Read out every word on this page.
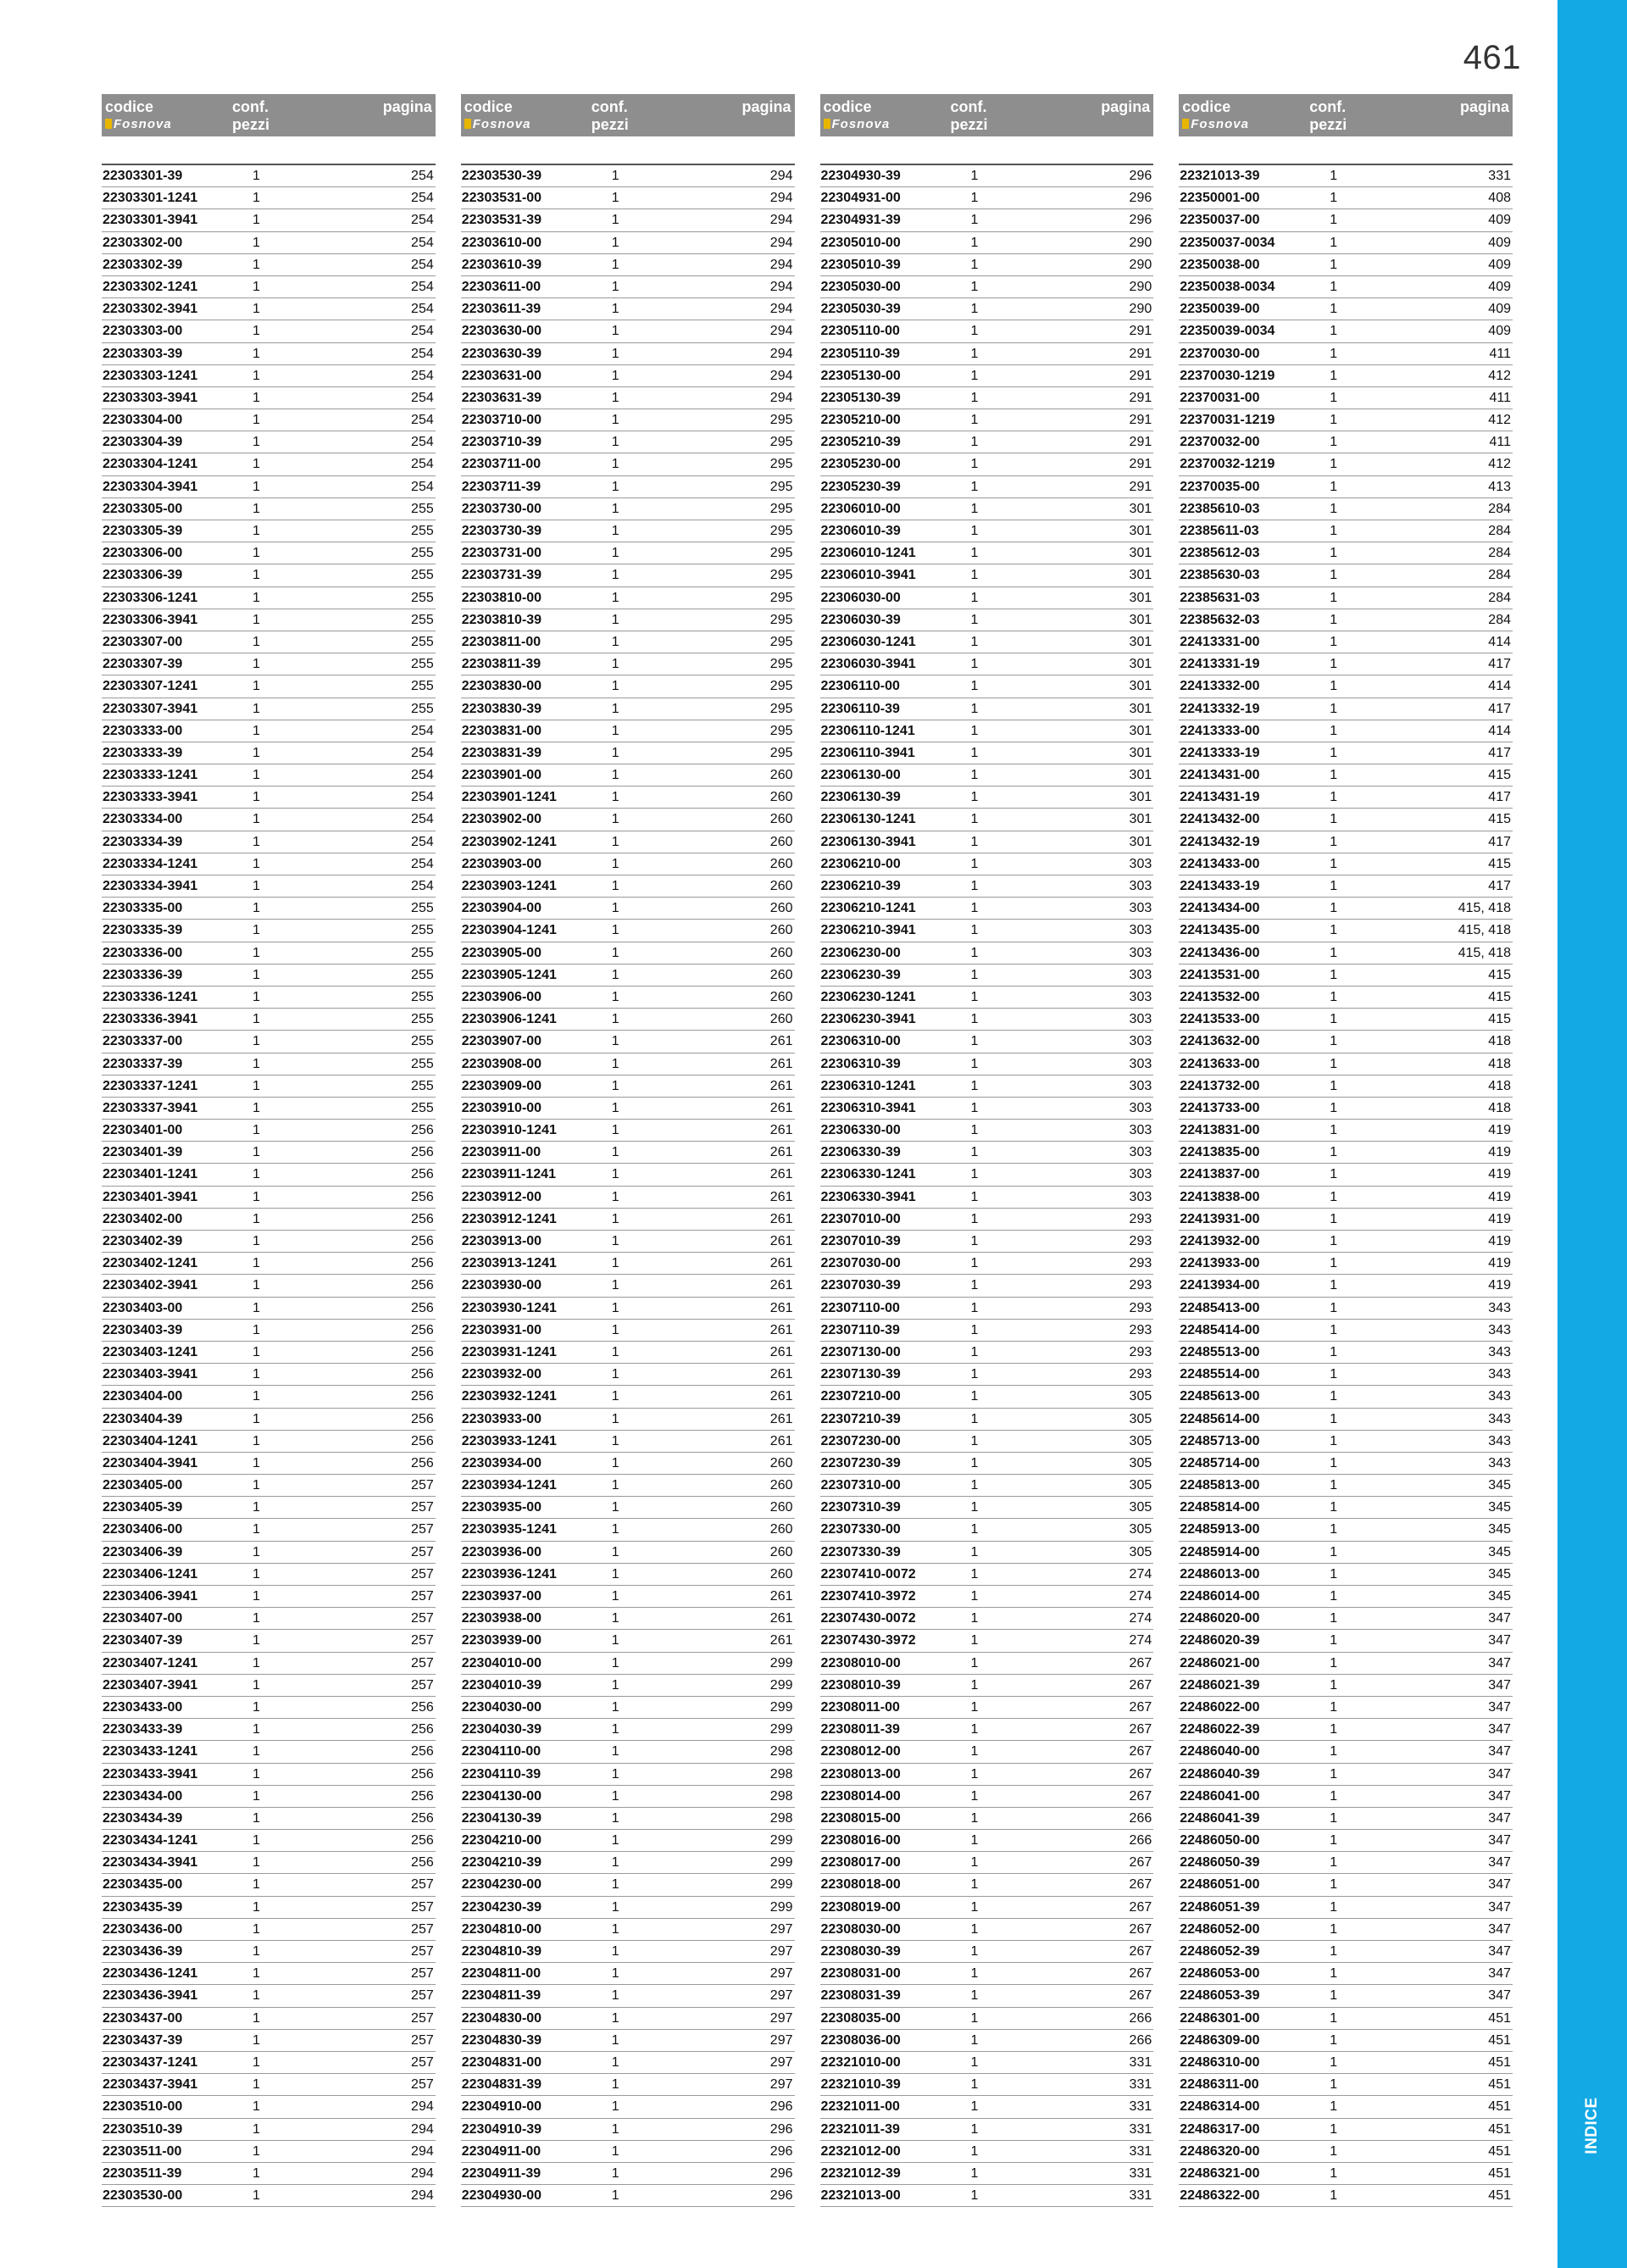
461
INDICE
codice	conf.
pezzi
pagina
Fosnova
22303301-39	1	254
22303301-1241	1	254
22303301-3941	1	254
22303302-00	1	254
22303302-39	1	254
22303302-1241	1	254
22303302-3941	1	254
22303303-00	1	254
22303303-39	1	254
22303303-1241	1	254
22303303-3941	1	254
22303304-00	1	254
22303304-39	1	254
22303304-1241	1	254
22303304-3941	1	254
22303305-00	1	255
22303305-39	1	255
22303306-00	1	255
22303306-39	1	255
22303306-1241	1	255
22303306-3941	1	255
22303307-00	1	255
22303307-39	1	255
22303307-1241	1	255
22303307-3941	1	255
22303333-00	1	254
22303333-39	1	254
22303333-1241	1	254
22303333-3941	1	254
22303334-00	1	254
22303334-39	1	254
22303334-1241	1	254
22303334-3941	1	254
22303335-00	1	255
22303335-39	1	255
22303336-00	1	255
22303336-39	1	255
22303336-1241	1	255
22303336-3941	1	255
22303337-00	1	255
22303337-39	1	255
22303337-1241	1	255
22303337-3941	1	255
22303401-00	1	256
22303401-39	1	256
22303401-1241	1	256
22303401-3941	1	256
22303402-00	1	256
22303402-39	1	256
22303402-1241	1	256
22303402-3941	1	256
22303403-00	1	256
22303403-39	1	256
22303403-1241	1	256
22303403-3941	1	256
22303404-00	1	256
22303404-39	1	256
22303404-1241	1	256
22303404-3941	1	256
22303405-00	1	257
22303405-39	1	257
22303406-00	1	257
22303406-39	1	257
22303406-1241	1	257
22303406-3941	1	257
22303407-00	1	257
22303407-39	1	257
22303407-1241	1	257
22303407-3941	1	257
22303433-00	1	256
22303433-39	1	256
22303433-1241	1	256
22303433-3941	1	256
22303434-00	1	256
22303434-39	1	256
22303434-1241	1	256
22303434-3941	1	256
22303435-00	1	257
22303435-39	1	257
22303436-00	1	257
22303436-39	1	257
22303436-1241	1	257
22303436-3941	1	257
22303437-00	1	257
22303437-39	1	257
22303437-1241	1	257
22303437-3941	1	257
22303510-00	1	294
22303510-39	1	294
22303511-00	1	294
22303511-39	1	294
22303530-00	1	294
codice	conf.
pezzi
pagina
Fosnova
22303530-39	1	294
22303531-00	1	294
22303531-39	1	294
22303610-00	1	294
22303610-39	1	294
22303611-00	1	294
22303611-39	1	294
22303630-00	1	294
22303630-39	1	294
22303631-00	1	294
22303631-39	1	294
22303710-00	1	295
22303710-39	1	295
22303711-00	1	295
22303711-39	1	295
22303730-00	1	295
22303730-39	1	295
22303731-00	1	295
22303731-39	1	295
22303810-00	1	295
22303810-39	1	295
22303811-00	1	295
22303811-39	1	295
22303830-00	1	295
22303830-39	1	295
22303831-00	1	295
22303831-39	1	295
22303901-00	1	260
22303901-1241	1	260
22303902-00	1	260
22303902-1241	1	260
22303903-00	1	260
22303903-1241	1	260
22303904-00	1	260
22303904-1241	1	260
22303905-00	1	260
22303905-1241	1	260
22303906-00	1	260
22303906-1241	1	260
22303907-00	1	261
22303908-00	1	261
22303909-00	1	261
22303910-00	1	261
22303910-1241	1	261
22303911-00	1	261
22303911-1241	1	261
22303912-00	1	261
22303912-1241	1	261
22303913-00	1	261
22303913-1241	1	261
22303930-00	1	261
22303930-1241	1	261
22303931-00	1	261
22303931-1241	1	261
22303932-00	1	261
22303932-1241	1	261
22303933-00	1	261
22303933-1241	1	261
22303934-00	1	260
22303934-1241	1	260
22303935-00	1	260
22303935-1241	1	260
22303936-00	1	260
22303936-1241	1	260
22303937-00	1	261
22303938-00	1	261
22303939-00	1	261
22304010-00	1	299
22304010-39	1	299
22304030-00	1	299
22304030-39	1	299
22304110-00	1	298
22304110-39	1	298
22304130-00	1	298
22304130-39	1	298
22304210-00	1	299
22304210-39	1	299
22304230-00	1	299
22304230-39	1	299
22304810-00	1	297
22304810-39	1	297
22304811-00	1	297
22304811-39	1	297
22304830-00	1	297
22304830-39	1	297
22304831-00	1	297
22304831-39	1	297
22304910-00	1	296
22304910-39	1	296
22304911-00	1	296
22304911-39	1	296
22304930-00	1	296
codice	conf.
pezzi
pagina
Fosnova
22304930-39	1	296
22304931-00	1	296
22304931-39	1	296
22305010-00	1	290
22305010-39	1	290
22305030-00	1	290
22305030-39	1	290
22305110-00	1	291
22305110-39	1	291
22305130-00	1	291
22305130-39	1	291
22305210-00	1	291
22305210-39	1	291
22305230-00	1	291
22305230-39	1	291
22306010-00	1	301
22306010-39	1	301
22306010-1241	1	301
22306010-3941	1	301
22306030-00	1	301
22306030-39	1	301
22306030-1241	1	301
22306030-3941	1	301
22306110-00	1	301
22306110-39	1	301
22306110-1241	1	301
22306110-3941	1	301
22306130-00	1	301
22306130-39	1	301
22306130-1241	1	301
22306130-3941	1	301
22306210-00	1	303
22306210-39	1	303
22306210-1241	1	303
22306210-3941	1	303
22306230-00	1	303
22306230-39	1	303
22306230-1241	1	303
22306230-3941	1	303
22306310-00	1	303
22306310-39	1	303
22306310-1241	1	303
22306310-3941	1	303
22306330-00	1	303
22306330-39	1	303
22306330-1241	1	303
22306330-3941	1	303
22307010-00	1	293
22307010-39	1	293
22307030-00	1	293
22307030-39	1	293
22307110-00	1	293
22307110-39	1	293
22307130-00	1	293
22307130-39	1	293
22307210-00	1	305
22307210-39	1	305
22307230-00	1	305
22307230-39	1	305
22307310-00	1	305
22307310-39	1	305
22307330-00	1	305
22307330-39	1	305
22307410-0072	1	274
22307410-3972	1	274
22307430-0072	1	274
22307430-3972	1	274
22308010-00	1	267
22308010-39	1	267
22308011-00	1	267
22308011-39	1	267
22308012-00	1	267
22308013-00	1	267
22308014-00	1	267
22308015-00	1	266
22308016-00	1	266
22308017-00	1	267
22308018-00	1	267
22308019-00	1	267
22308030-00	1	267
22308030-39	1	267
22308031-00	1	267
22308031-39	1	267
22308035-00	1	266
22308036-00	1	266
22321010-00	1	331
22321010-39	1	331
22321011-00	1	331
22321011-39	1	331
22321012-00	1	331
22321012-39	1	331
22321013-00	1	331
codice	conf.
pezzi
pagina
Fosnova
22321013-39	1	331
22350001-00	1	408
22350037-00	1	409
22350037-0034	1	409
22350038-00	1	409
22350038-0034	1	409
22350039-00	1	409
22350039-0034	1	409
22370030-00	1	411
22370030-1219	1	412
22370031-00	1	411
22370031-1219	1	412
22370032-00	1	411
22370032-1219	1	412
22370035-00	1	413
22385610-03	1	284
22385611-03	1	284
22385612-03	1	284
22385630-03	1	284
22385631-03	1	284
22385632-03	1	284
22413331-00	1	414
22413331-19	1	417
22413332-00	1	414
22413332-19	1	417
22413333-00	1	414
22413333-19	1	417
22413431-00	1	415
22413431-19	1	417
22413432-00	1	415
22413432-19	1	417
22413433-00	1	415
22413433-19	1	417
22413434-00	1	415, 418
22413435-00	1	415, 418
22413436-00	1	415, 418
22413531-00	1	415
22413532-00	1	415
22413533-00	1	415
22413632-00	1	418
22413633-00	1	418
22413732-00	1	418
22413733-00	1	418
22413831-00	1	419
22413835-00	1	419
22413837-00	1	419
22413838-00	1	419
22413931-00	1	419
22413932-00	1	419
22413933-00	1	419
22413934-00	1	419
22485413-00	1	343
22485414-00	1	343
22485513-00	1	343
22485514-00	1	343
22485613-00	1	343
22485614-00	1	343
22485713-00	1	343
22485714-00	1	343
22485813-00	1	345
22485814-00	1	345
22485913-00	1	345
22485914-00	1	345
22486013-00	1	345
22486014-00	1	345
22486020-00	1	347
22486020-39	1	347
22486021-00	1	347
22486021-39	1	347
22486022-00	1	347
22486022-39	1	347
22486040-00	1	347
22486040-39	1	347
22486041-00	1	347
22486041-39	1	347
22486050-00	1	347
22486050-39	1	347
22486051-00	1	347
22486051-39	1	347
22486052-00	1	347
22486052-39	1	347
22486053-00	1	347
22486053-39	1	347
22486301-00	1	451
22486309-00	1	451
22486310-00	1	451
22486311-00	1	451
22486314-00	1	451
22486317-00	1	451
22486320-00	1	451
22486321-00	1	451
22486322-00	1	451
